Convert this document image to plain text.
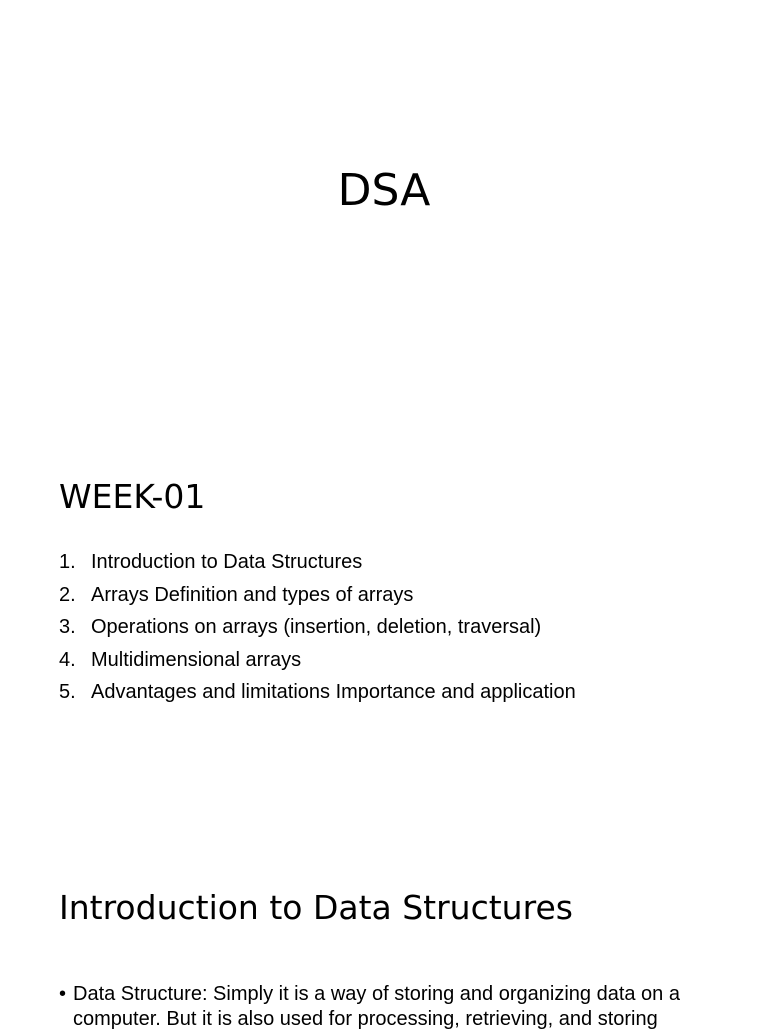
DSA
WEEK-01
1. Introduction to Data Structures
2. Arrays Definition and types of arrays
3. Operations on arrays (insertion, deletion, traversal)
4. Multidimensional arrays
5. Advantages and limitations Importance and application
Introduction to Data Structures
• Data Structure: Simply it is a way of storing and organizing data on a computer. But it is also used for processing, retrieving, and storing
